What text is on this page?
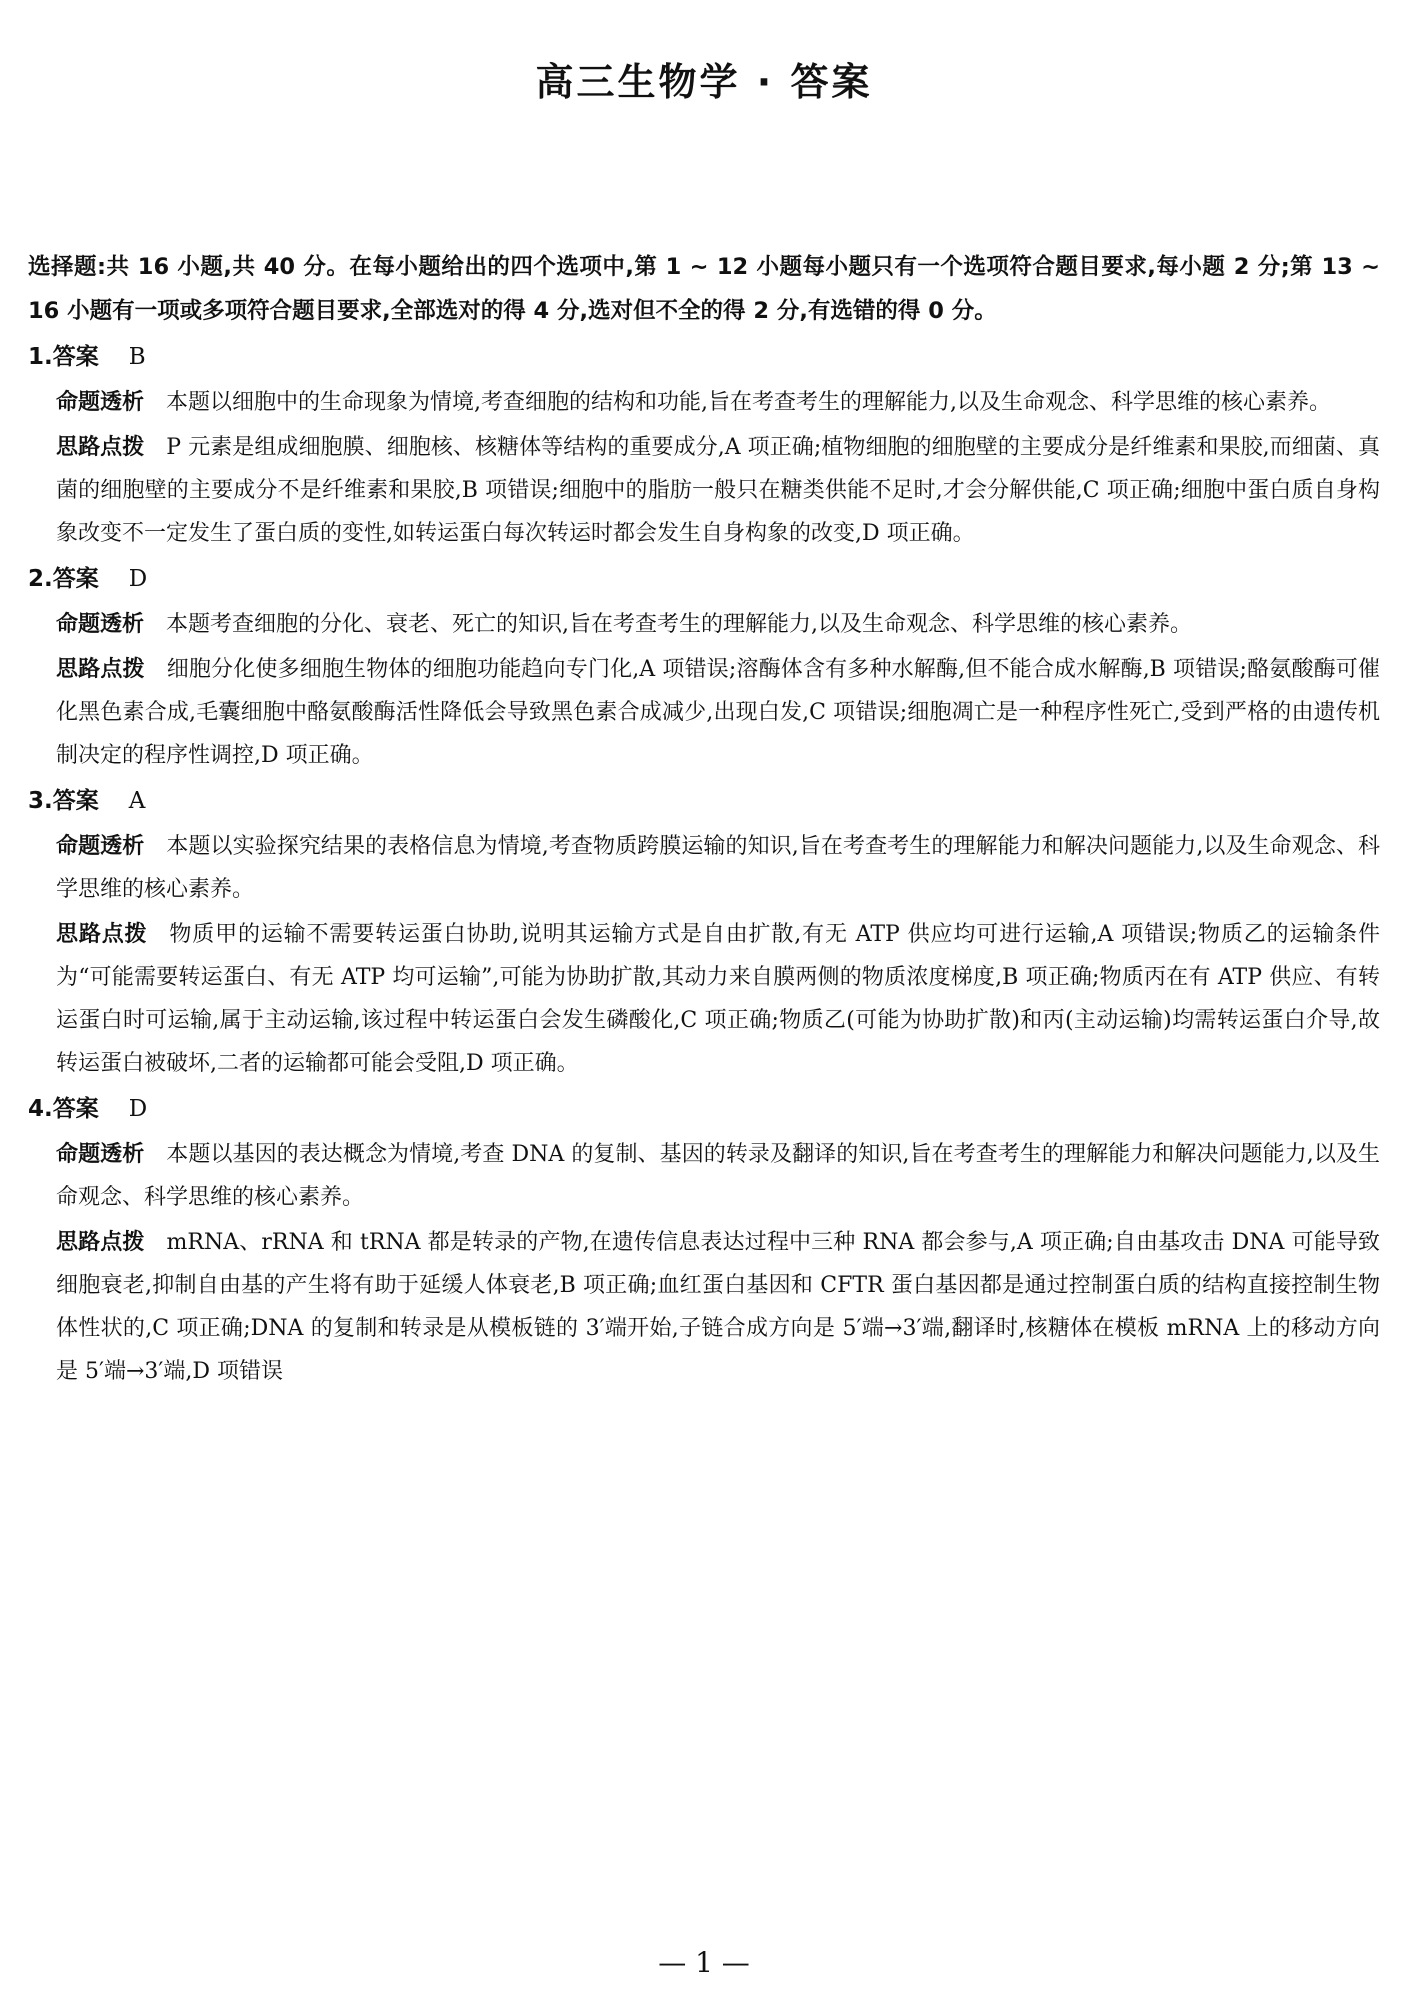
高三生物学 · 答案
选择题:共 16 小题,共 40 分。在每小题给出的四个选项中,第 1 ~ 12 小题每小题只有一个选项符合题目要求,每小题 2 分;第 13 ~ 16 小题有一项或多项符合题目要求,全部选对的得 4 分,选对但不全的得 2 分,有选错的得 0 分。
1.答案 B
命题透析 本题以细胞中的生命现象为情境,考查细胞的结构和功能,旨在考查考生的理解能力,以及生命观念、科学思维的核心素养。
思路点拨 P 元素是组成细胞膜、细胞核、核糖体等结构的重要成分,A 项正确;植物细胞的细胞壁的主要成分是纤维素和果胶,而细菌、真菌的细胞壁的主要成分不是纤维素和果胶,B 项错误;细胞中的脂肪一般只在糖类供能不足时,才会分解供能,C 项正确;细胞中蛋白质自身构象改变不一定发生了蛋白质的变性,如转运蛋白每次转运时都会发生自身构象的改变,D 项正确。
2.答案 D
命题透析 本题考查细胞的分化、衰老、死亡的知识,旨在考查考生的理解能力,以及生命观念、科学思维的核心素养。
思路点拨 细胞分化使多细胞生物体的细胞功能趋向专门化,A 项错误;溶酶体含有多种水解酶,但不能合成水解酶,B 项错误;酪氨酸酶可催化黑色素合成,毛囊细胞中酪氨酸酶活性降低会导致黑色素合成减少,出现白发,C 项错误;细胞凋亡是一种程序性死亡,受到严格的由遗传机制决定的程序性调控,D 项正确。
3.答案 A
命题透析 本题以实验探究结果的表格信息为情境,考查物质跨膜运输的知识,旨在考查考生的理解能力和解决问题能力,以及生命观念、科学思维的核心素养。
思路点拨 物质甲的运输不需要转运蛋白协助,说明其运输方式是自由扩散,有无 ATP 供应均可进行运输,A 项错误;物质乙的运输条件为“可能需要转运蛋白、有无 ATP 均可运输”,可能为协助扩散,其动力来自膜两侧的物质浓度梯度,B 项正确;物质丙在有 ATP 供应、有转运蛋白时可运输,属于主动运输,该过程中转运蛋白会发生磷酸化,C 项正确;物质乙(可能为协助扩散)和丙(主动运输)均需转运蛋白介导,故转运蛋白被破坏,二者的运输都可能会受阻,D 项正确。
4.答案 D
命题透析 本题以基因的表达概念为情境,考查 DNA 的复制、基因的转录及翻译的知识,旨在考查考生的理解能力和解决问题能力,以及生命观念、科学思维的核心素养。
思路点拨 mRNA、rRNA 和 tRNA 都是转录的产物,在遗传信息表达过程中三种 RNA 都会参与,A 项正确;自由基攻击 DNA 可能导致细胞衰老,抑制自由基的产生将有助于延缓人体衰老,B 项正确;血红蛋白基因和 CFTR 蛋白基因都是通过控制蛋白质的结构直接控制生物体性状的,C 项正确;DNA 的复制和转录是从模板链的 3′端开始,子链合成方向是 5′端→3′端,翻译时,核糖体在模板 mRNA 上的移动方向是 5′端→3′端,D 项错误
— 1 —
